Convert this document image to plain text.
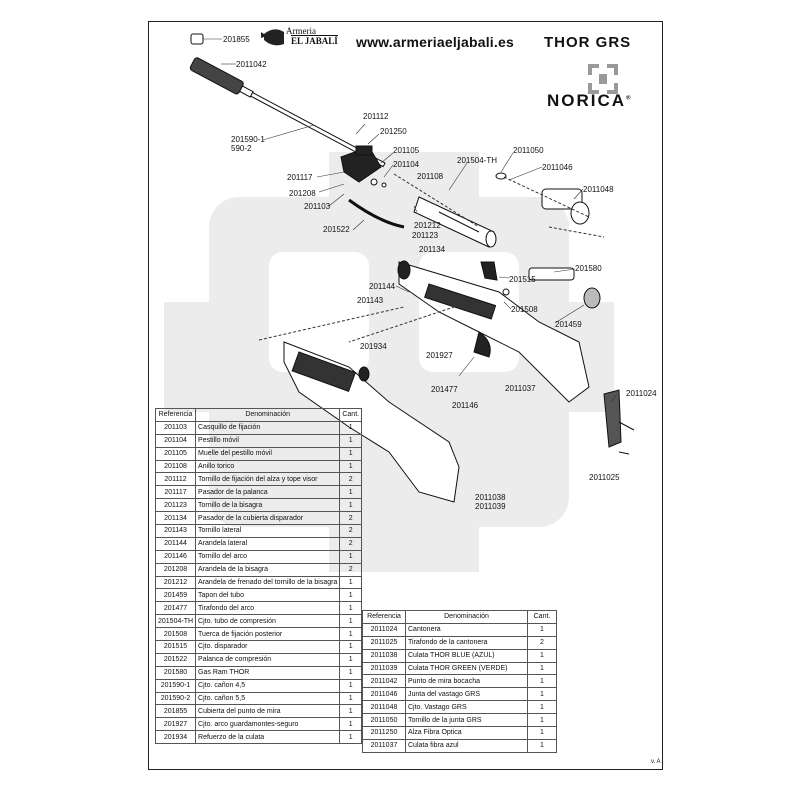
201855
2011042
201590-1
590-2
201112
201250
201105
201104
201117
201208
201103
201522
201504-TH
201108
201212
201123
201134
2011050
2011046
2011048
201580
201515
201508
201459
201144
201143
201934
201927
201477
201146
2011037
2011024
2011025
2011038
2011039
Armeria
EL JABALÍ www.armeriaeljabali.es THOR GRS
NORICA®
Referencia	Denominación	Cant.
201103	Casquillo de fijación	1
201104	Pestillo móvil	1
201105	Muelle del pestillo móvil	1
201108	Anillo torico	1
201112	Tornillo de fijación del alza y tope visor	2
201117	Pasador de la palanca	1
201123	Tornillo de la bisagra	1
201134	Pasador de la cubierta disparador	2
201143	Tornillo lateral	2
201144	Arandela lateral	2
201146	Tornillo del arco	1
201208	Arandela de la bisagra	2
201212	Arandela de frenado del tornillo de la bisagra	1
201459	Tapon del tubo	1
201477	Tirafondo del arco	1
201504-TH	Cjto. tubo de compresión	1
201508	Tuerca de fijación posterior	1
201515	Cjto. disparador	1
201522	Palanca de compresión	1
201580	Gas Ram THOR	1
201590-1	Cjto. cañon 4,5	1
201590-2	Cjto. cañon 5,5	1
201855	Cubierta del punto de mira	1
201927	Cjto. arco guardamontes-seguro	1
201934	Refuerzo de la culata	1
Referencia	Denominación	Cant.
2011024	Cantonera	1
2011025	Tirafondo de la cantonera	2
2011038	Culata THOR BLUE (AZUL)	1
2011039	Culata THOR GREEN (VERDE)	1
2011042	Punto de mira bocacha	1
2011046	Junta del vastago GRS	1
2011048	Cjto. Vastago GRS	1
2011050	Tornillo de la junta GRS	1
2011250	Alza Fibra Optica	1
2011037	Culata fibra azul	1
v. A
